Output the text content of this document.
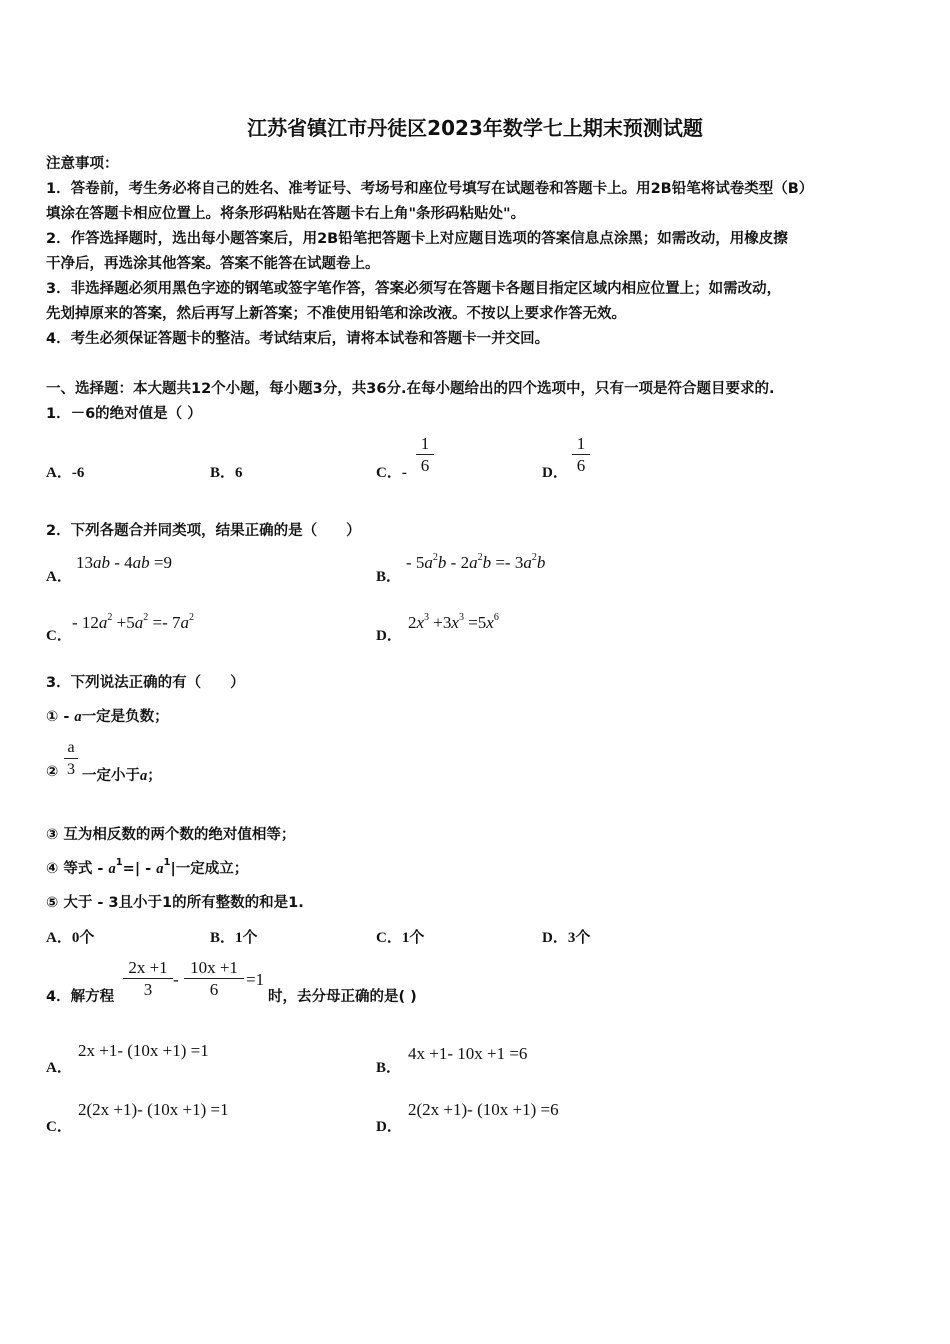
江苏省镇江市丹徒区2023年数学七上期末预测试题
注意事项：
1．答卷前，考生务必将自己的姓名、准考证号、考场号和座位号填写在试题卷和答题卡上。用2B铅笔将试卷类型（B）
填涂在答题卡相应位置上。将条形码粘贴在答题卡右上角"条形码粘贴处"。
2．作答选择题时，选出每小题答案后，用2B铅笔把答题卡上对应题目选项的答案信息点涂黑；如需改动，用橡皮擦
干净后，再选涂其他答案。答案不能答在试题卷上。
3．非选择题必须用黑色字迹的钢笔或签字笔作答，答案必须写在答题卡各题目指定区域内相应位置上；如需改动，
先划掉原来的答案，然后再写上新答案；不准使用铅笔和涂改液。不按以上要求作答无效。
4．考生必须保证答题卡的整洁。考试结束后，请将本试卷和答题卡一并交回。
一、选择题：本大题共12个小题，每小题3分，共36分.在每小题给出的四个选项中，只有一项是符合题目要求的.
1．－6的绝对值是（ ）
A．-6	B．6	C．-
1
6	D．
1
6
2．下列各题合并同类项，结果正确的是（　　）
A．
13ab - 4ab =9
B．
- $5a^2b - 2a^2b =- 3a^2b$
C．
- $12a^2 +5a^2 =- 7a^2$
D．
$2x^3 +3x^3 =5x^6$
3．下列说法正确的有（　　）
① - a一定是负数；
②
a
3 一定小于a；
③ 互为相反数的两个数的绝对值相等；
④ 等式 - $a^1=| - a^1|$一定成立；
⑤ 大于 - 3且小于1的所有整数的和是1.
A．0个	B．1个	C．1个	D．3个
4．解方程
2x +1
3
-
10x +1
6
=1
时，去分母正确的是( )
A．
2x +1- (10x +1) =1
B．
4x +1- 10x +1 =6
C．
2(2x +1)- (10x +1) =1
D．
2(2x +1)- (10x +1) =6
